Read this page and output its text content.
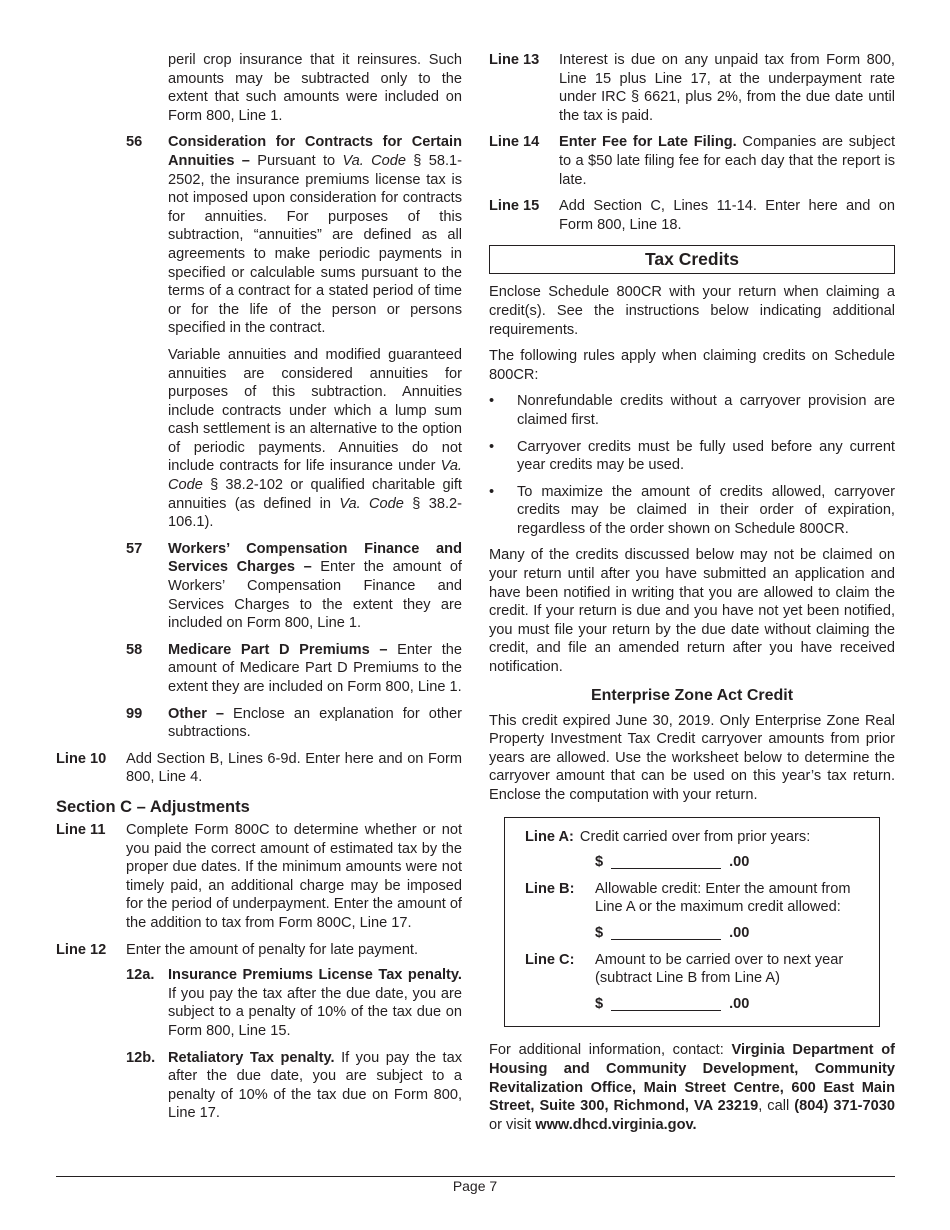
peril crop insurance that it reinsures. Such amounts may be subtracted only to the extent that such amounts were included on Form 800, Line 1.

56	Consideration for Contracts for Certain Annuities – Pursuant to Va. Code § 58.1-2502, the insurance premiums license tax is not imposed upon consideration for contracts for annuities. For purposes of this subtraction, “annuities” are defined as all agreements to make periodic payments in specified or calculable sums pursuant to the terms of a contract for a stated period of time or for the life of the person or persons specified in the contract.

Variable annuities and modified guaranteed annuities are considered annuities for purposes of this subtraction. Annuities include contracts under which a lump sum cash settlement is an alternative to the option of periodic payments. Annuities do not include contracts for life insurance under Va. Code § 38.2-102 or qualified charitable gift annuities (as defined in Va. Code § 38.2-106.1).

57	Workers’ Compensation Finance and Services Charges – Enter the amount of Workers’ Compensation Finance and Services Charges to the extent they are included on Form 800, Line 1.

58	Medicare Part D Premiums – Enter the amount of Medicare Part D Premiums to the extent they are included on Form 800, Line 1.

99	Other – Enclose an explanation for other subtractions.

Line 10	Add Section B, Lines 6-9d. Enter here and on Form 800, Line 4.

Section C – Adjustments

Line 11	Complete Form 800C to determine whether or not you paid the correct amount of estimated tax by the proper due dates. If the minimum amounts were not timely paid, an additional charge may be imposed for the period of underpayment. Enter the amount of the addition to tax from Form 800C, Line 17.

Line 12	Enter the amount of penalty for late payment.

12a. Insurance Premiums License Tax penalty. If you pay the tax after the due date, you are subject to a penalty of 10% of the tax due on Form 800, Line 15.

12b. Retaliatory Tax penalty. If you pay the tax after the due date, you are subject to a penalty of 10% of the tax due on Form 800, Line 17.

Line 13	Interest is due on any unpaid tax from Form 800, Line 15 plus Line 17, at the underpayment rate under IRC § 6621, plus 2%, from the due date until the tax is paid.

Line 14	Enter Fee for Late Filing. Companies are subject to a $50 late filing fee for each day that the report is late.

Line 15	Add Section C, Lines 11-14. Enter here and on Form 800, Line 18.

Tax Credits

Enclose Schedule 800CR with your return when claiming a credit(s). See the instructions below indicating additional requirements.

The following rules apply when claiming credits on Schedule 800CR:

•	Nonrefundable credits without a carryover provision are claimed first.

•	Carryover credits must be fully used before any current year credits may be used.

•	To maximize the amount of credits allowed, carryover credits may be claimed in their order of expiration, regardless of the order shown on Schedule 800CR.

Many of the credits discussed below may not be claimed on your return until after you have submitted an application and have been notified in writing that you are allowed to claim the credit. If your return is due and you have not yet been notified, you must file your return by the due date without claiming the credit, and file an amended return after you have received notification.

Enterprise Zone Act Credit

This credit expired June 30, 2019. Only Enterprise Zone Real Property Investment Tax Credit carryover amounts from prior years are allowed. Use the worksheet below to determine the carryover amount that can be used on this year’s tax return. Enclose the computation with your return.

Line A: Credit carried over from prior years:
$	.00
Line B:	Allowable credit: Enter the amount from Line A or the maximum credit allowed:
$	.00
Line C:	Amount to be carried over to next year (subtract Line B from Line A)
$	.00

For additional information, contact: Virginia Department of Housing and Community Development, Community Revitalization Office, Main Street Centre, 600 East Main Street, Suite 300, Richmond, VA 23219, call (804) 371-7030 or visit www.dhcd.virginia.gov.

Page 7
